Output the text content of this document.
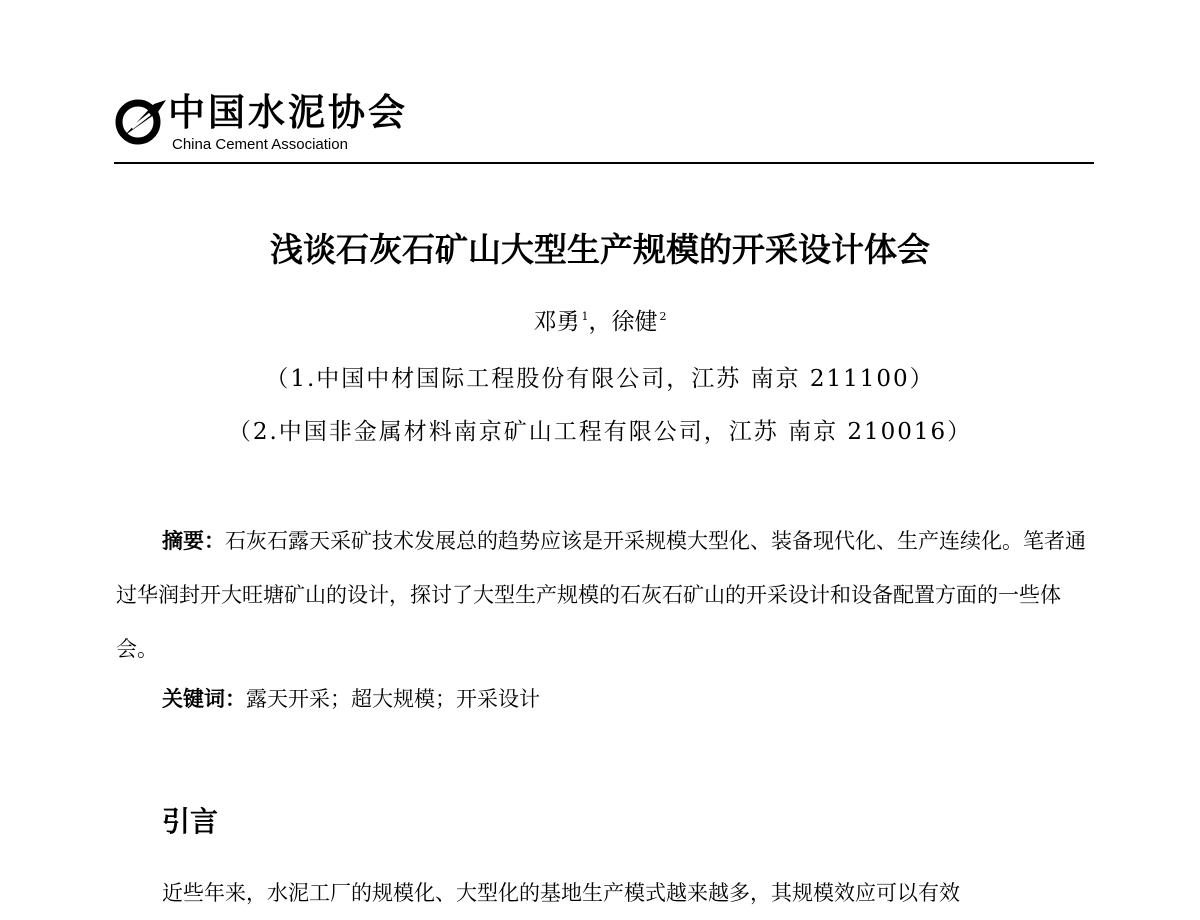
中国水泥协会
China Cement Association
浅谈石灰石矿山大型生产规模的开采设计体会
邓勇 $^1$，徐健 $^2$
（1.中国中材国际工程股份有限公司，江苏 南京 211100）
（2.中国非金属材料南京矿山工程有限公司，江苏 南京 210016）
摘要：石灰石露天采矿技术发展总的趋势应该是开采规模大型化、装备现代化、生产连续化。笔者通过华润封开大旺塘矿山的设计，探讨了大型生产规模的石灰石矿山的开采设计和设备配置方面的一些体会。
关键词：露天开采；超大规模；开采设计
引言
近些年来，水泥工厂的规模化、大型化的基地生产模式越来越多，其规模效应可以有效
